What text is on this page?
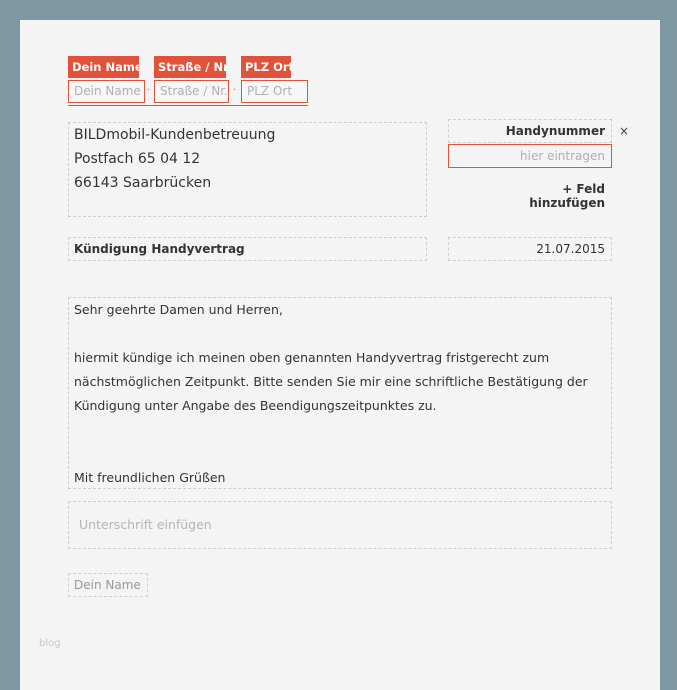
Dein Name
Dein Name ·
Straße / Nr.
Straße / Nr. ·
PLZ Ort
PLZ Ort
BILDmobil-Kundenbetreuung
Postfach 65 04 12
66143 Saarbrücken
Handynummer	×
hier eintragen
+ Feld hinzufügen
Kündigung Handyvertrag	21.07.2015
Sehr geehrte Damen und Herren,
hiermit kündige ich meinen oben genannten Handyvertrag fristgerecht zum nächstmöglichen Zeitpunkt. Bitte senden Sie mir eine schriftliche Bestätigung der Kündigung unter Angabe des Beendigungszeitpunktes zu.
Mit freundlichen Grüßen
Unterschrift einfügen
Dein Name
blog
